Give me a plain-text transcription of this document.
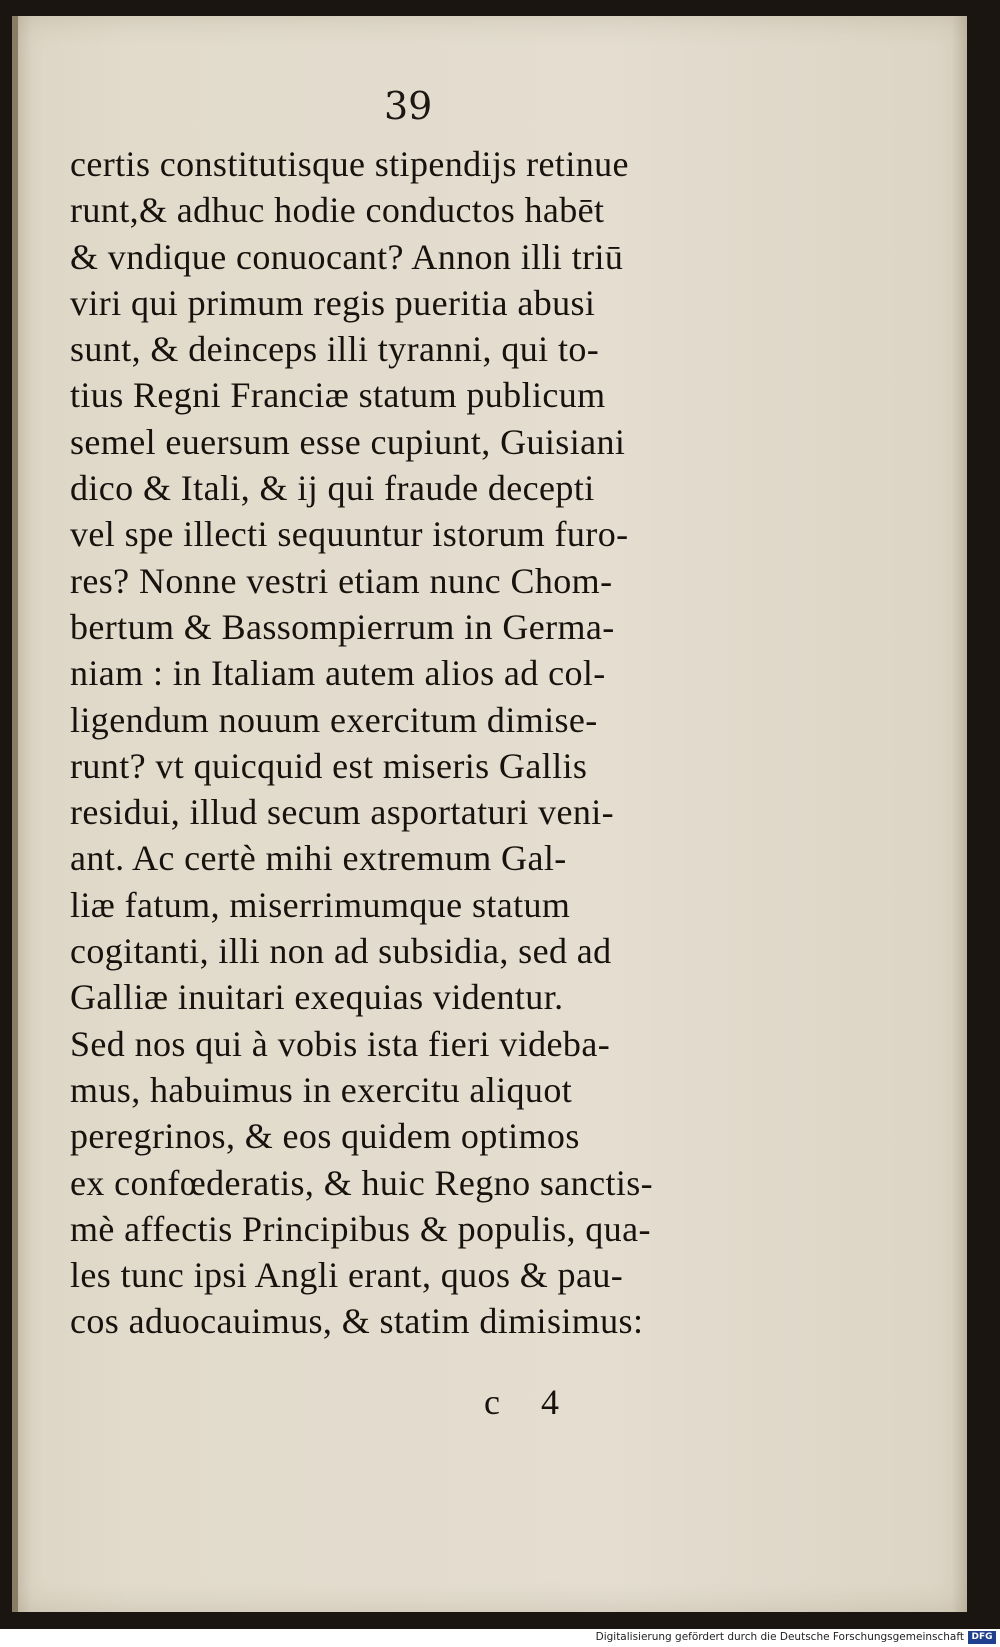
39
certis constitutisque stipendijs retinue
runt,& adhuc hodie conductos habēt
& vndique conuocant? Annon illi triū
viri qui primum regis pueritia abusi
sunt, & deinceps illi tyranni, qui to-
tius Regni Franciæ statum publicum
semel euersum esse cupiunt, Guisiani
dico & Itali, & ij qui fraude decepti
vel spe illecti sequuntur istorum furo-
res? Nonne vestri etiam nunc Chom-
bertum & Bassompierrum in Germa-
niam : in Italiam autem alios ad col-
ligendum nouum exercitum dimise-
runt? vt quicquid est miseris Gallis
residui, illud secum asportaturi veni-
ant. Ac certè mihi extremum Gal-
liæ fatum, miserrimumque statum
cogitanti, illi non ad subsidia, sed ad
Galliæ inuitari exequias videntur.
Sed nos qui à vobis ista fieri videba-
mus, habuimus in exercitu aliquot
peregrinos, & eos quidem optimos
ex confœderatis, & huic Regno sanctis-
mè affectis Principibus & populis, qua-
les tunc ipsi Angli erant, quos & pau-
cos aduocauimus, & statim dimisimus:
c 4
Digitalisierung gefördert durch die Deutsche Forschungsgemeinschaft DFG
